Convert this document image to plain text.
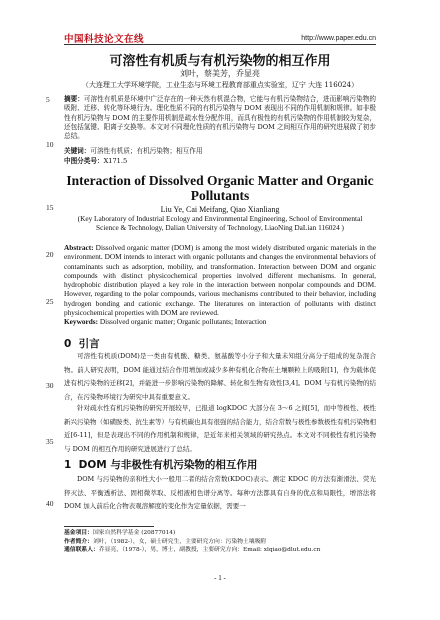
中国科技论文在线	http://www.paper.edu.cn
可溶性有机质与有机污染物的相互作用
刘叶，蔡美芳，乔显亮
（大连理工大学环境学院，工业生态与环境工程教育部重点实验室，辽宁 大连 116024）
5
10
15
20
25
30
35
40
摘要：可溶性有机质是环境中广泛存在的一种天然有机混合物，它能与有机污染物结合，进而影响污染物的吸附、迁移、转化等环境行为。理化性质不同的有机污染物与 DOM 表现出不同的作用机制和规律。如非极性有机污染物与 DOM 的主要作用机制是疏水性分配作用，而具有极性的有机污染物的作用机制较为复杂，还包括氢键、阳离子交换等。本文对不同理化性质的有机污染物与 DOM 之间相互作用的研究进展做了初步总结。
关键词：可溶性有机质；有机污染物；相互作用
中图分类号：X171.5
Interaction of Dissolved Organic Matter and Organic Pollutants
Liu Ye, Cai Meifang, Qiao Xianliang
(Key Laboratory of Industrial Ecology and Environmental Engineering, School of Environmental Science & Technology, Dalian University of Technology, LiaoNing DaLian 116024 )
Abstract: Dissolved organic matter (DOM) is among the most widely distributed organic materials in the environment. DOM intends to interact with organic pollutants and changes the environmental behaviors of contaminants such as adsorption, mobility, and transformation. Interaction between DOM and organic compounds with distinct physicochemical properties involved different mechanisms. In general, hydrophobic distribution played a key role in the interaction between nonpolar compounds and DOM. However, regarding to the polar compounds, various mechanisms contributed to their behavior, including hydrogen bonding and cationic exchange. The literatures on interaction of pollutants with distinct physicochemical properties with DOM are reviewed.
Keywords: Dissolved organic matter; Organic pollutants; Interaction
0 引言
可溶性有机质(DOM)是一类由有机酸、糖类、氨基酸等小分子和大量未知组分高分子组成的复杂混合物。前人研究表明，DOM 能通过结合作用增加或减少多种有机化合物在土壤颗粒上的吸附[1]，作为载体促进有机污染物的迁移[2]，并能进一步影响污染物的降解、转化和生物有效性[3,4]。DOM 与有机污染物的结合，在污染物环境行为研究中具有重要意义。
针对疏水性有机污染物的研究开展较早，已报道 logKDOC 大部分在 3～6 之间[5]，而中等极性、极性新兴污染物（如磺胺类、抗生素等）与有机碳也具有很强的结合能力，结合常数与极性参数极性有机污染物相近[6-11]，但是表现出不同的作用机制和规律，是近年来相关领域的研究热点。本文对不同极性有机污染物与 DOM 的相互作用的研究进展进行了总结。
1 DOM 与非极性有机污染物的相互作用
DOM 与污染物的亲和性大小一般用二者的结合常数(KDOC)表示。测定 KDOC 的方法有渐滑法、荧光猝灭法、平衡透析法、固相微萃取、反相液相色谱分离等。每种方法都具有自身的优点和局限性，增溶法将 DOM 加入前后化合物表观溶解度的变化作为定量依据，需要一
基金项目：国家自然科学基金 (20877014)
作者简介：刘叶，（1982-），女，硕士研究生，主要研究方向：污染物土壤吸附
通信联系人：乔显亮，（1978-），男，博士，副教授，主要研究方向：Email: xlqiao@dlut.edu.cn
- 1 -
